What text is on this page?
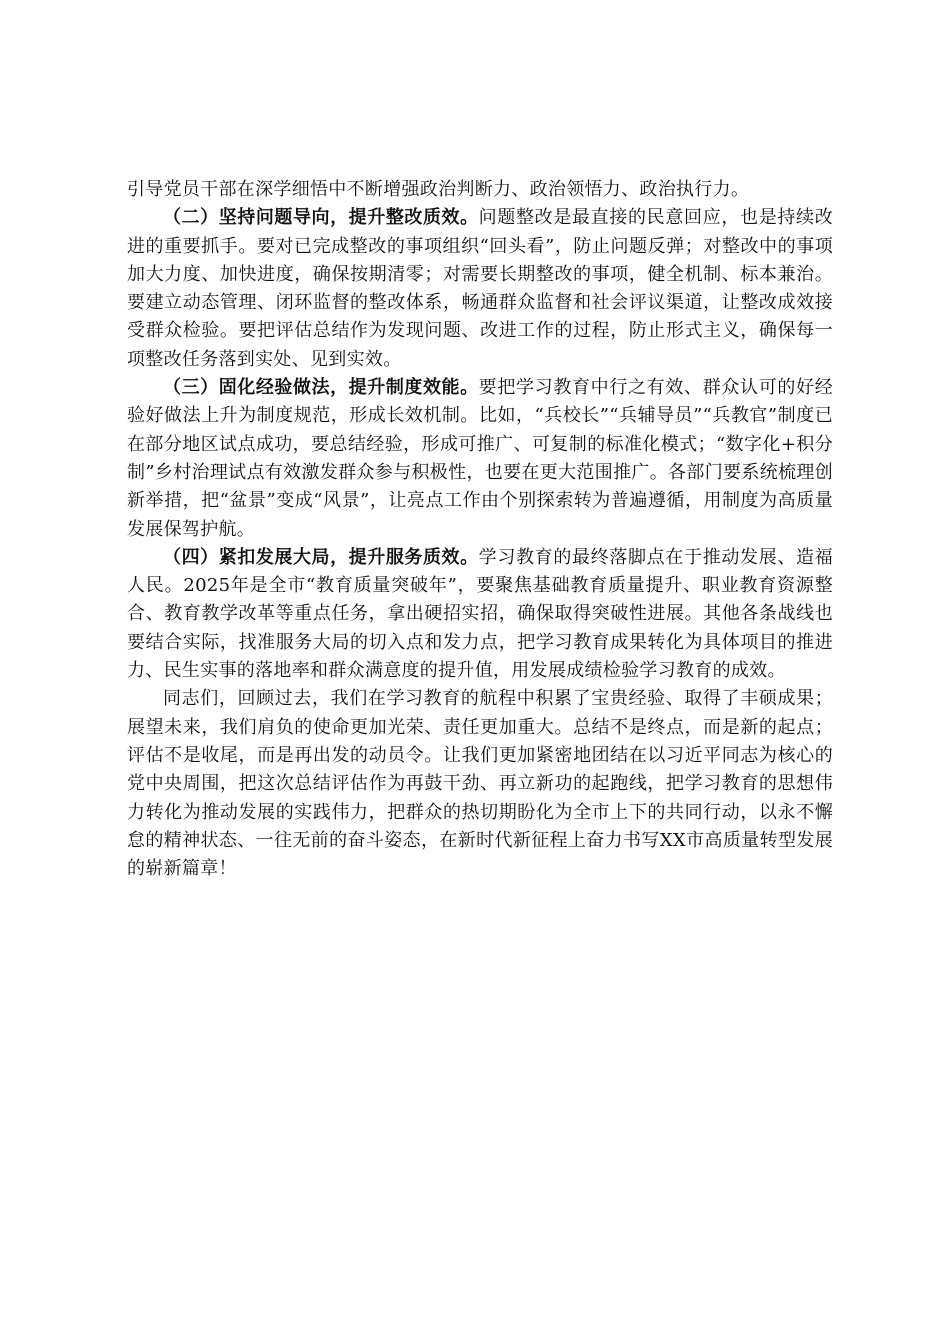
引导党员干部在深学细悟中不断增强政治判断力、政治领悟力、政治执行力。

（二）坚持问题导向，提升整改质效。问题整改是最直接的民意回应，也是持续改进的重要抓手。要对已完成整改的事项组织“回头看”，防止问题反弹；对整改中的事项加大力度、加快进度，确保按期清零；对需要长期整改的事项，健全机制、标本兼治。要建立动态管理、闭环监督的整改体系，畅通群众监督和社会评议渠道，让整改成效接受群众检验。要把评估总结作为发现问题、改进工作的过程，防止形式主义，确保每一项整改任务落到实处、见到实效。

（三）固化经验做法，提升制度效能。要把学习教育中行之有效、群众认可的好经验好做法上升为制度规范，形成长效机制。比如，“兵校长”“兵辅导员”“兵教官”制度已在部分地区试点成功，要总结经验，形成可推广、可复制的标准化模式；“数字化+积分制”乡村治理试点有效激发群众参与积极性，也要在更大范围推广。各部门要系统梳理创新举措，把“盆景”变成“风景”，让亮点工作由个别探索转为普遍遵循，用制度为高质量发展保驾护航。

（四）紧扣发展大局，提升服务质效。学习教育的最终落脚点在于推动发展、造福人民。2025年是全市“教育质量突破年”，要聚焦基础教育质量提升、职业教育资源整合、教育教学改革等重点任务，拿出硬招实招，确保取得突破性进展。其他各条战线也要结合实际，找准服务大局的切入点和发力点，把学习教育成果转化为具体项目的推进力、民生实事的落地率和群众满意度的提升值，用发展成绩检验学习教育的成效。

同志们，回顾过去，我们在学习教育的航程中积累了宝贵经验、取得了丰硕成果；展望未来，我们肩负的使命更加光荣、责任更加重大。总结不是终点，而是新的起点；评估不是收尾，而是再出发的动员令。让我们更加紧密地团结在以习近平同志为核心的党中央周围，把这次总结评估作为再鼓干劲、再立新功的起跑线，把学习教育的思想伟力转化为推动发展的实践伟力，把群众的热切期盼化为全市上下的共同行动，以永不懈怠的精神状态、一往无前的奋斗姿态，在新时代新征程上奋力书写XX市高质量转型发展的崭新篇章！
